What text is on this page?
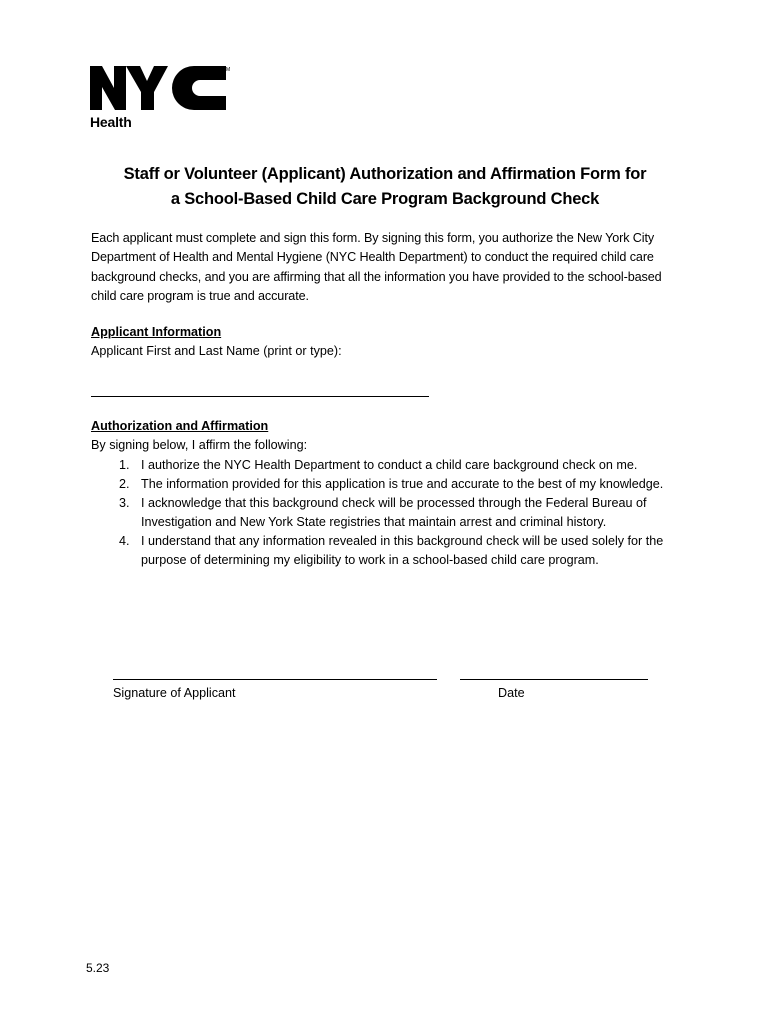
TM
Health
Staff or Volunteer (Applicant) Authorization and Affirmation Form for
a School-Based Child Care Program Background Check
Each applicant must complete and sign this form. By signing this form, you authorize the New York City Department of Health and Mental Hygiene (NYC Health Department) to conduct the required child care background checks, and you are affirming that all the information you have provided to the school-based child care program is true and accurate.
Applicant Information
Applicant First and Last Name (print or type):
Authorization and Affirmation
By signing below, I affirm the following:
1. I authorize the NYC Health Department to conduct a child care background check on me.
2. The information provided for this application is true and accurate to the best of my knowledge.
3. I acknowledge that this background check will be processed through the Federal Bureau of Investigation and New York State registries that maintain arrest and criminal history.
4. I understand that any information revealed in this background check will be used solely for the purpose of determining my eligibility to work in a school-based child care program.
Signature of Applicant	Date
5.23
